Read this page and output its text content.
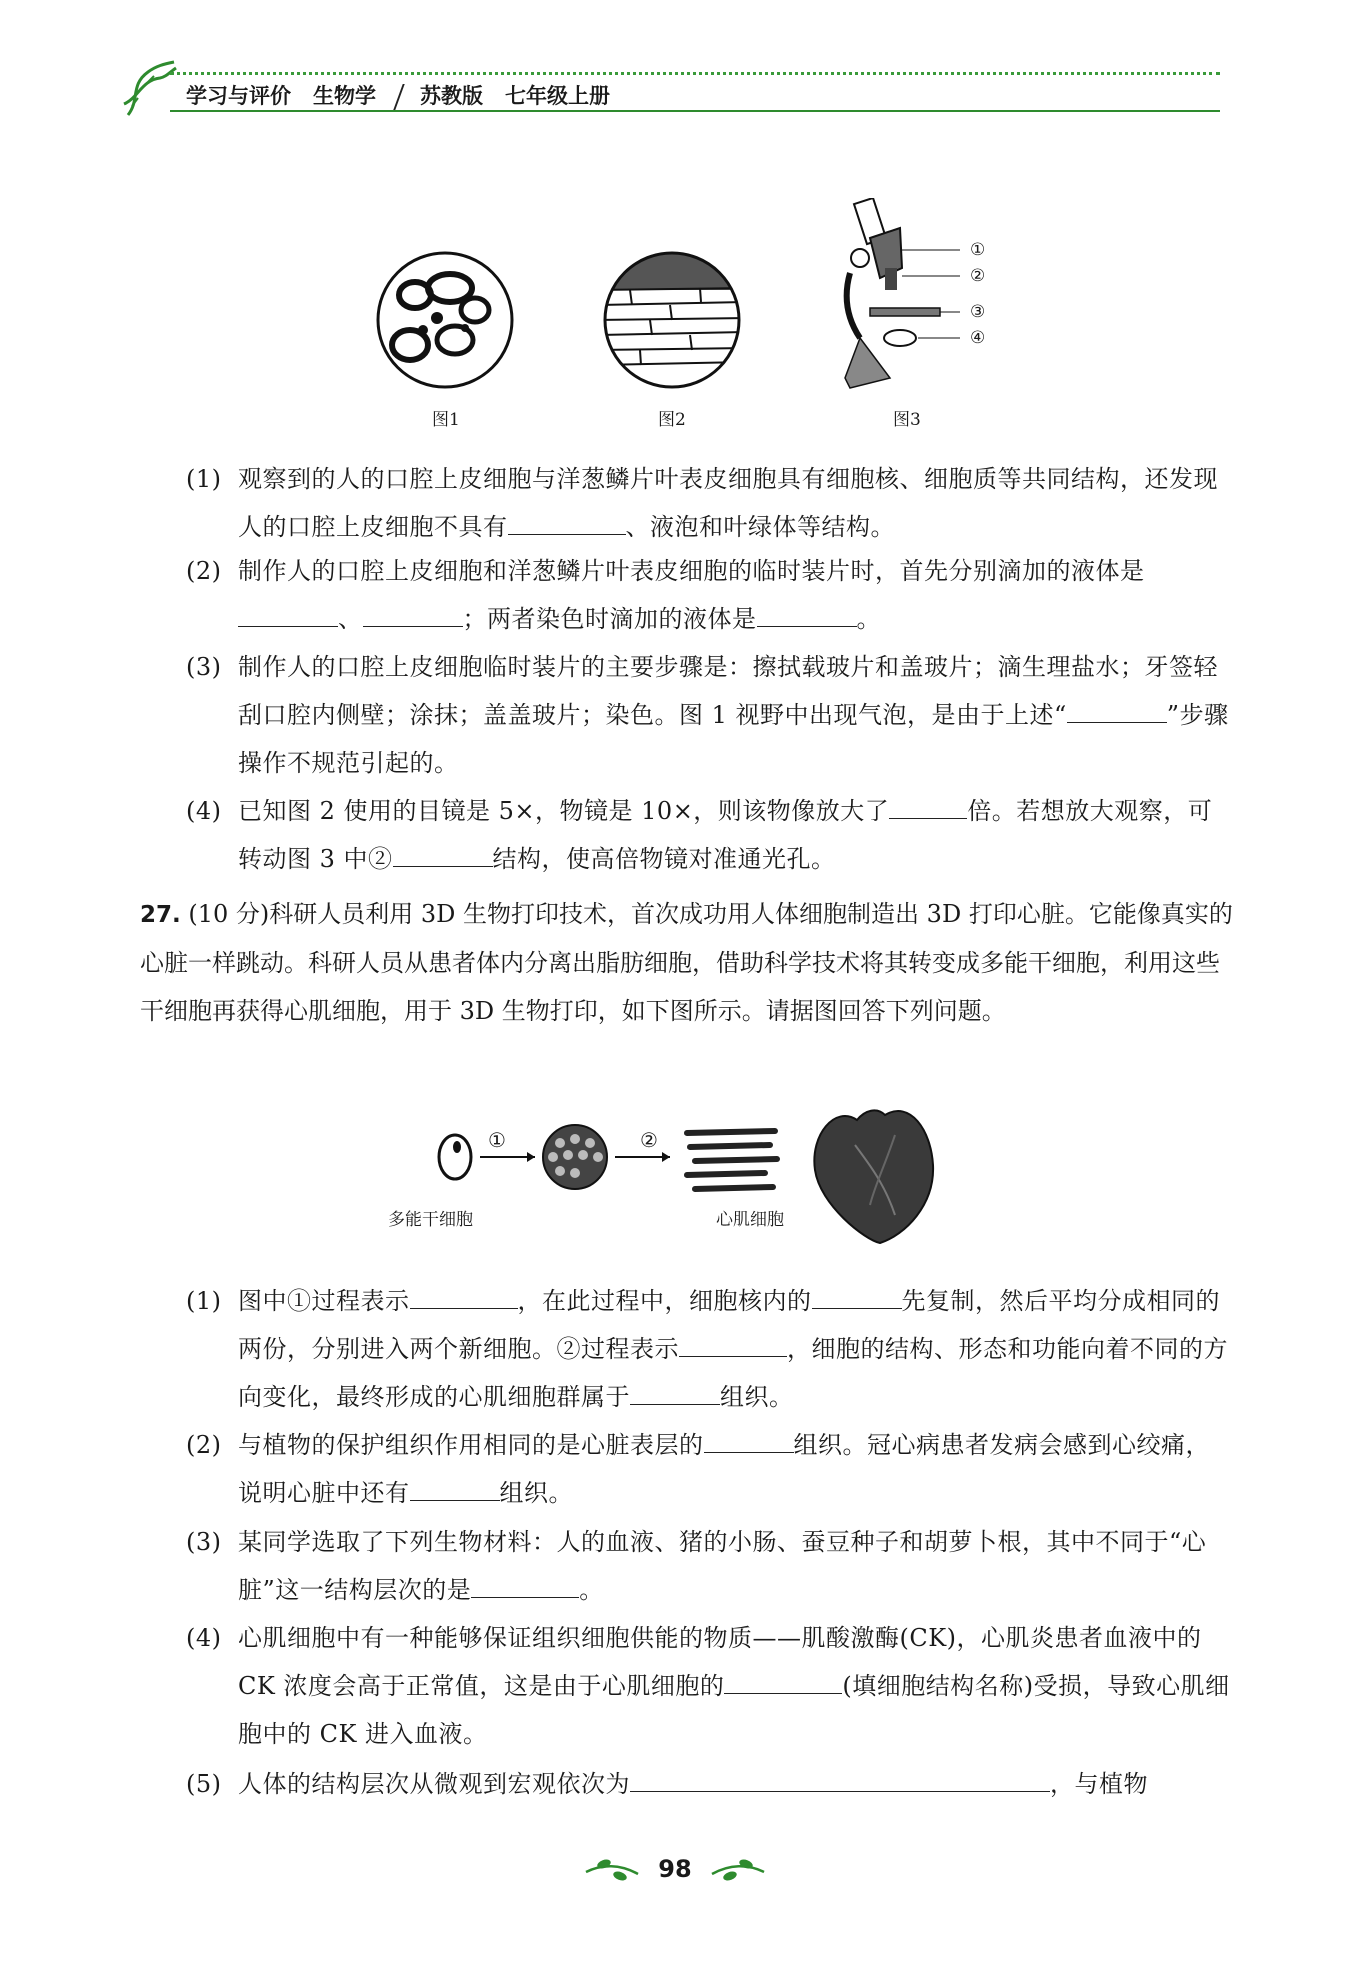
学习与评价 生物学 苏教版 七年级上册
①
②
③
④
图1	图2	图3

(1) 观察到的人的口腔上皮细胞与洋葱鳞片叶表皮细胞具有细胞核、细胞质等共同结构，还发现人的口腔上皮细胞不具有	、液泡和叶绿体等结构。

(2) 制作人的口腔上皮细胞和洋葱鳞片叶表皮细胞的临时装片时，首先分别滴加的液体是、	；两者染色时滴加的液体是	。

(3) 制作人的口腔上皮细胞临时装片的主要步骤是：擦拭载玻片和盖玻片；滴生理盐水；牙签轻刮口腔内侧壁；涂抹；盖盖玻片；染色。图 1 视野中出现气泡，是由于上述“	”步骤操作不规范引起的。

(4) 已知图 2 使用的目镜是 5×，物镜是 10×，则该物像放大了	倍。若想放大观察，可转动图 3 中②	结构，使高倍物镜对准通光孔。

27. (10 分)科研人员利用 3D 生物打印技术，首次成功用人体细胞制造出 3D 打印心脏。它能像真实的心脏一样跳动。科研人员从患者体内分离出脂肪细胞，借助科学技术将其转变成多能干细胞，利用这些干细胞再获得心肌细胞，用于 3D 生物打印，如下图所示。请据图回答下列问题。
①	②
多能干细胞	心肌细胞

(1) 图中①过程表示	，在此过程中，细胞核内的	先复制，然后平均分成相同的两份，分别进入两个新细胞。②过程表示	，细胞的结构、形态和功能向着不同的方向变化，最终形成的心肌细胞群属于	组织。

(2) 与植物的保护组织作用相同的是心脏表层的	组织。冠心病患者发病会感到心绞痛，说明心脏中还有	组织。

(3) 某同学选取了下列生物材料：人的血液、猪的小肠、蚕豆种子和胡萝卜根，其中不同于“心脏”这一结构层次的是	。

(4) 心肌细胞中有一种能够保证组织细胞供能的物质——肌酸激酶(CK)，心肌炎患者血液中的 CK 浓度会高于正常值，这是由于心肌细胞的	(填细胞结构名称)受损，导致心肌细胞中的 CK 进入血液。

(5) 人体的结构层次从微观到宏观依次为	，与植物

98
